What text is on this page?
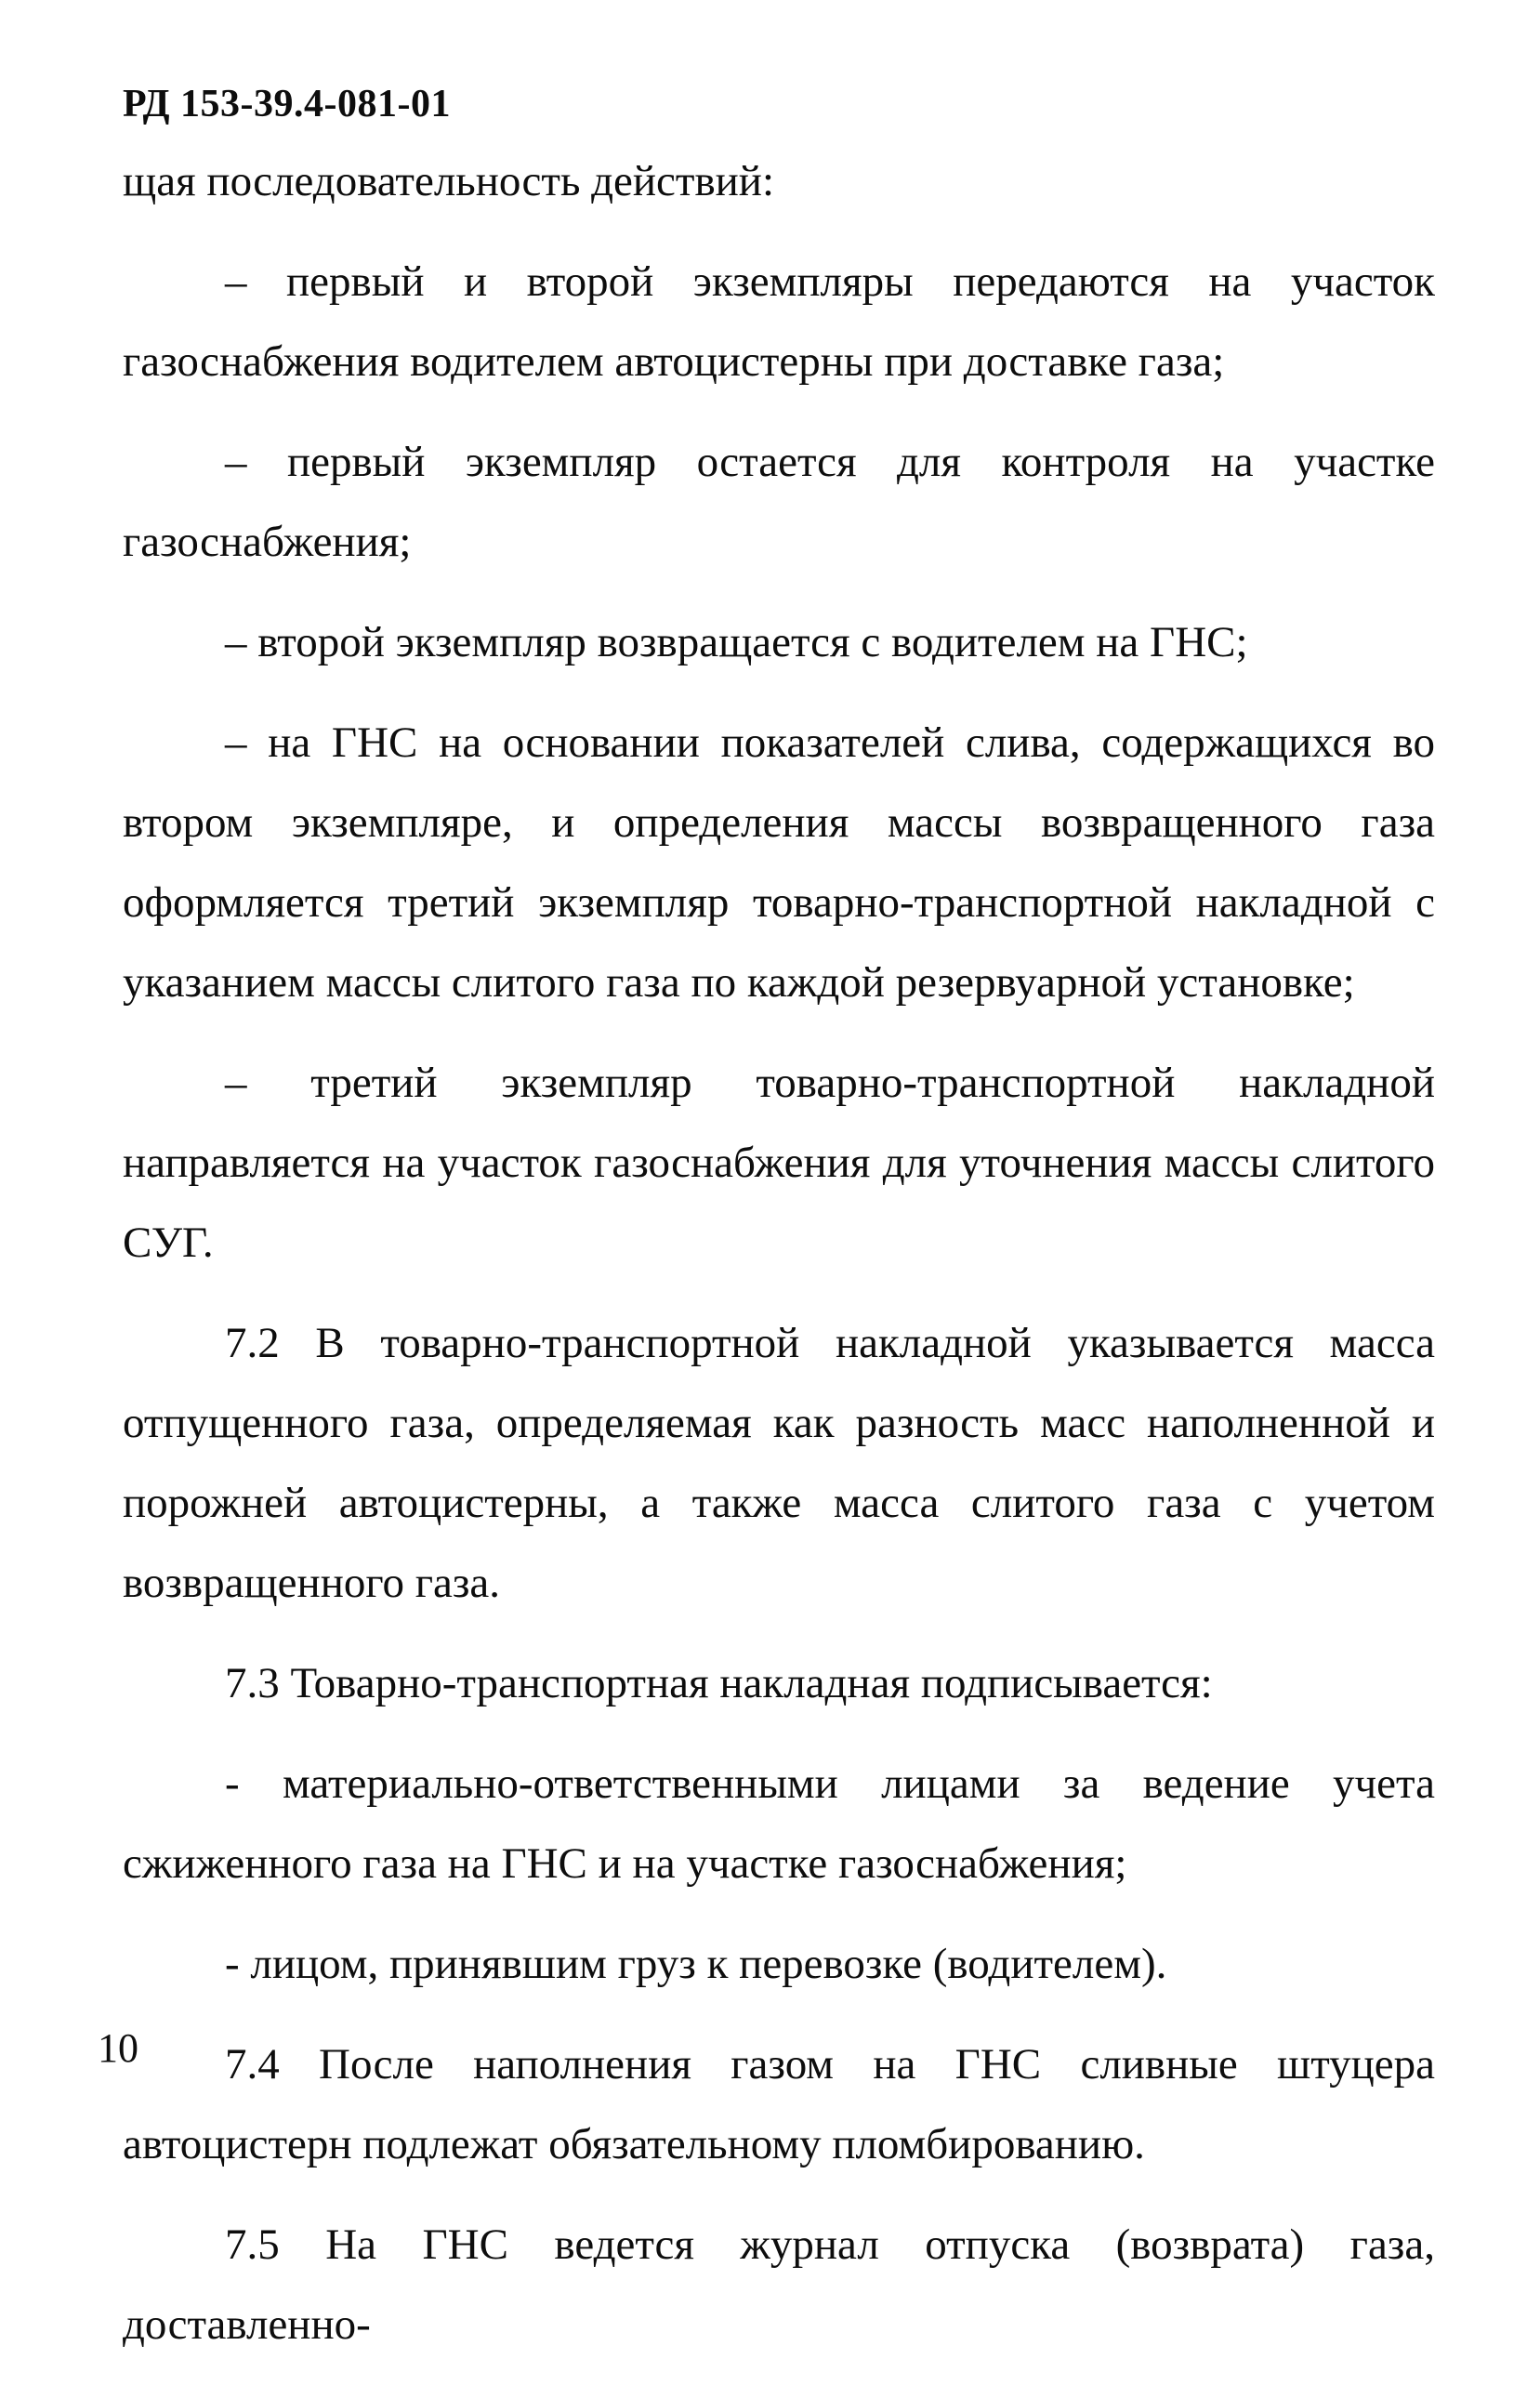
РД 153-39.4-081-01

щая последовательность действий:

– первый и второй экземпляры передаются на участок газоснабжения водителем автоцистерны при доставке газа;

– первый экземпляр остается для контроля на участке газоснабжения;

– второй экземпляр возвращается с водителем на ГНС;

– на ГНС на основании показателей слива, содержащихся во втором экземпляре, и определения массы возвращенного газа оформляется третий экземпляр товарно-транспортной накладной с указанием массы слитого газа по каждой резервуарной установке;

– третий экземпляр товарно-транспортной накладной направляется на участок газоснабжения для уточнения массы слитого СУГ.

7.2 В товарно-транспортной накладной указывается масса отпущенного газа, определяемая как разность масс наполненной и порожней автоцистерны, а также масса слитого газа с учетом возвращенного газа.

7.3 Товарно-транспортная накладная подписывается:

- материально-ответственными лицами за ведение учета сжиженного газа на ГНС и на участке газоснабжения;

- лицом, принявшим груз к перевозке (водителем).

7.4 После наполнения газом на ГНС сливные штуцера автоцистерн подлежат обязательному пломбированию.

7.5 На ГНС ведется журнал отпуска (возврата) газа, доставленно-

10
